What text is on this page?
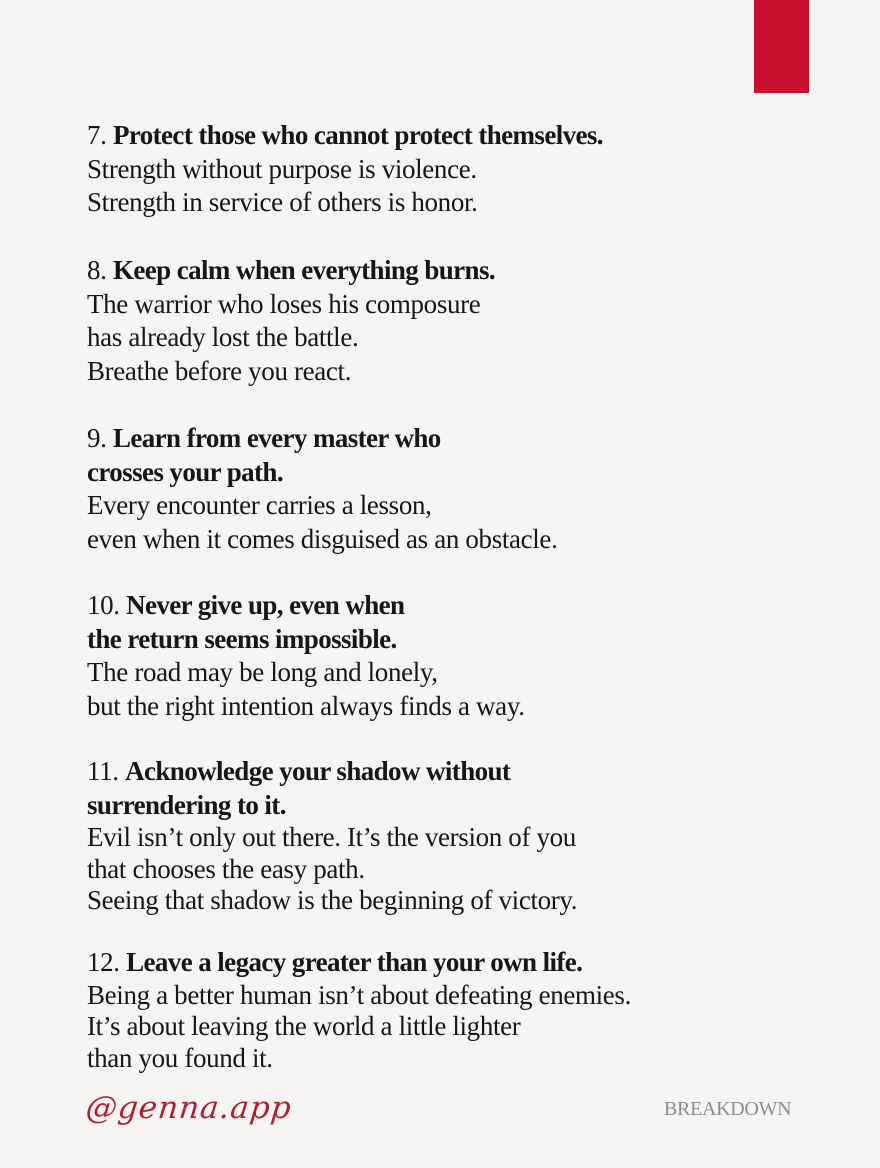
7. Protect those who cannot protect themselves.
Strength without purpose is violence.
Strength in service of others is honor.
8. Keep calm when everything burns.
The warrior who loses his composure
has already lost the battle.
Breathe before you react.
9. Learn from every master who
crosses your path.
Every encounter carries a lesson,
even when it comes disguised as an obstacle.
10. Never give up, even when
the return seems impossible.
The road may be long and lonely,
but the right intention always finds a way.
11. Acknowledge your shadow without
surrendering to it.
Evil isn’t only out there. It’s the version of you
that chooses the easy path.
Seeing that shadow is the beginning of victory.
12. Leave a legacy greater than your own life.
Being a better human isn’t about defeating enemies.
It’s about leaving the world a little lighter
than you found it.
@genna.app	BREAKDOWN
